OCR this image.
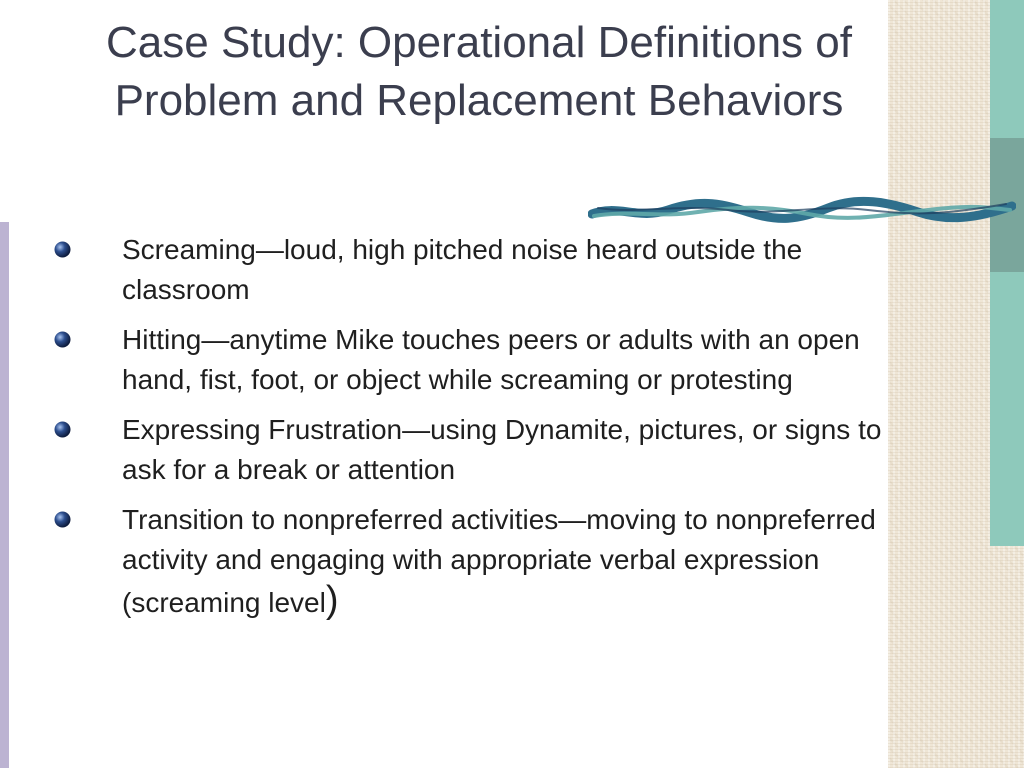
Case Study: Operational Definitions of Problem and Replacement Behaviors
Screaming—loud, high pitched noise heard outside the classroom
Hitting—anytime Mike touches peers or adults with an open hand, fist, foot, or object while screaming or protesting
Expressing Frustration—using Dynamite, pictures, or signs to ask for a break or attention
Transition to nonpreferred activities—moving to nonpreferred activity and engaging with appropriate verbal expression (screaming level)
